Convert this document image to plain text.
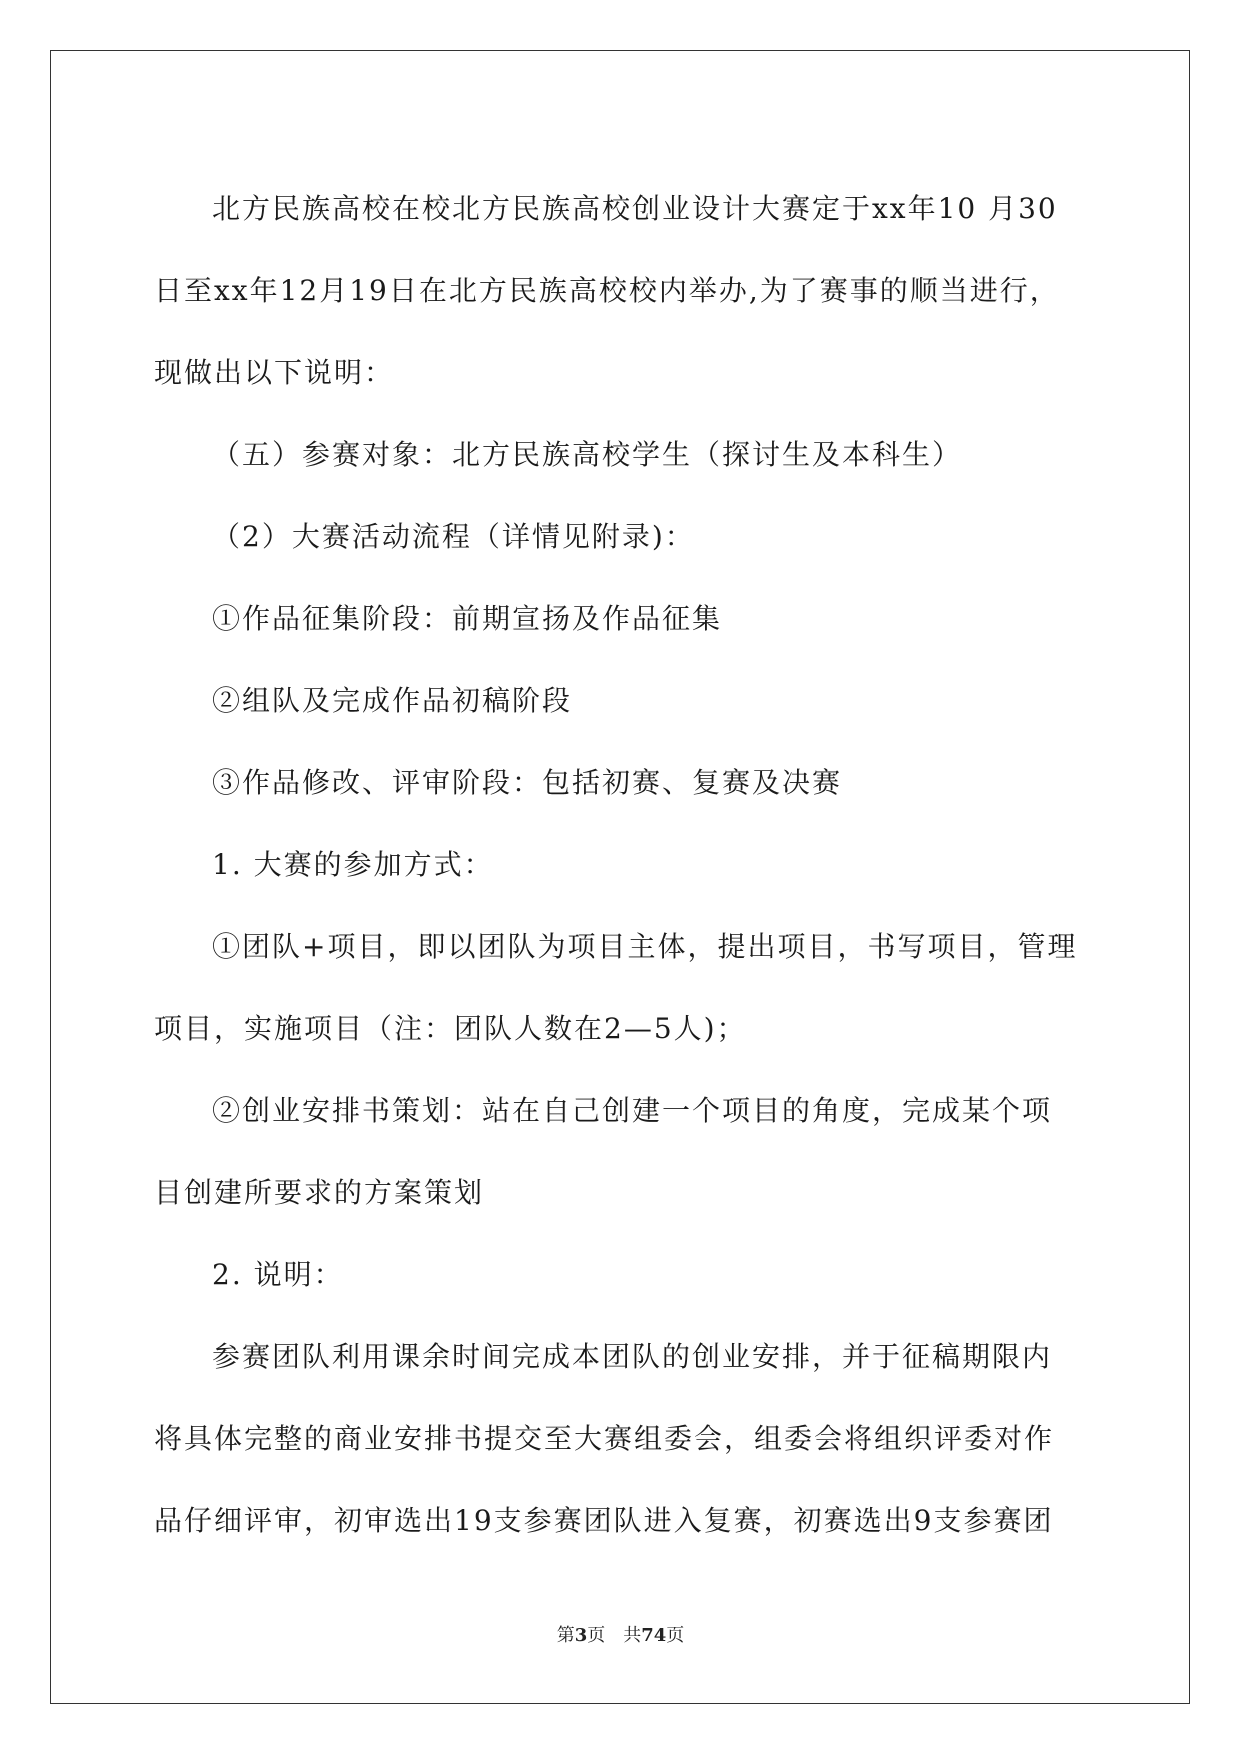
北方民族高校在校北方民族高校创业设计大赛定于xx年10 月30

日至xx年12月19日在北方民族高校校内举办,为了赛事的顺当进行，

现做出以下说明：

（五）参赛对象：北方民族高校学生（探讨生及本科生）

（2）大赛活动流程（详情见附录)：

①作品征集阶段：前期宣扬及作品征集

②组队及完成作品初稿阶段

③作品修改、评审阶段：包括初赛、复赛及决赛

1. 大赛的参加方式：

①团队+项目，即以团队为项目主体，提出项目，书写项目，管理

项目，实施项目（注：团队人数在2—5人)；

②创业安排书策划：站在自己创建一个项目的角度，完成某个项

目创建所要求的方案策划

2. 说明：

参赛团队利用课余时间完成本团队的创业安排，并于征稿期限内

将具体完整的商业安排书提交至大赛组委会，组委会将组织评委对作

品仔细评审，初审选出19支参赛团队进入复赛，初赛选出9支参赛团

第3页 共74页
